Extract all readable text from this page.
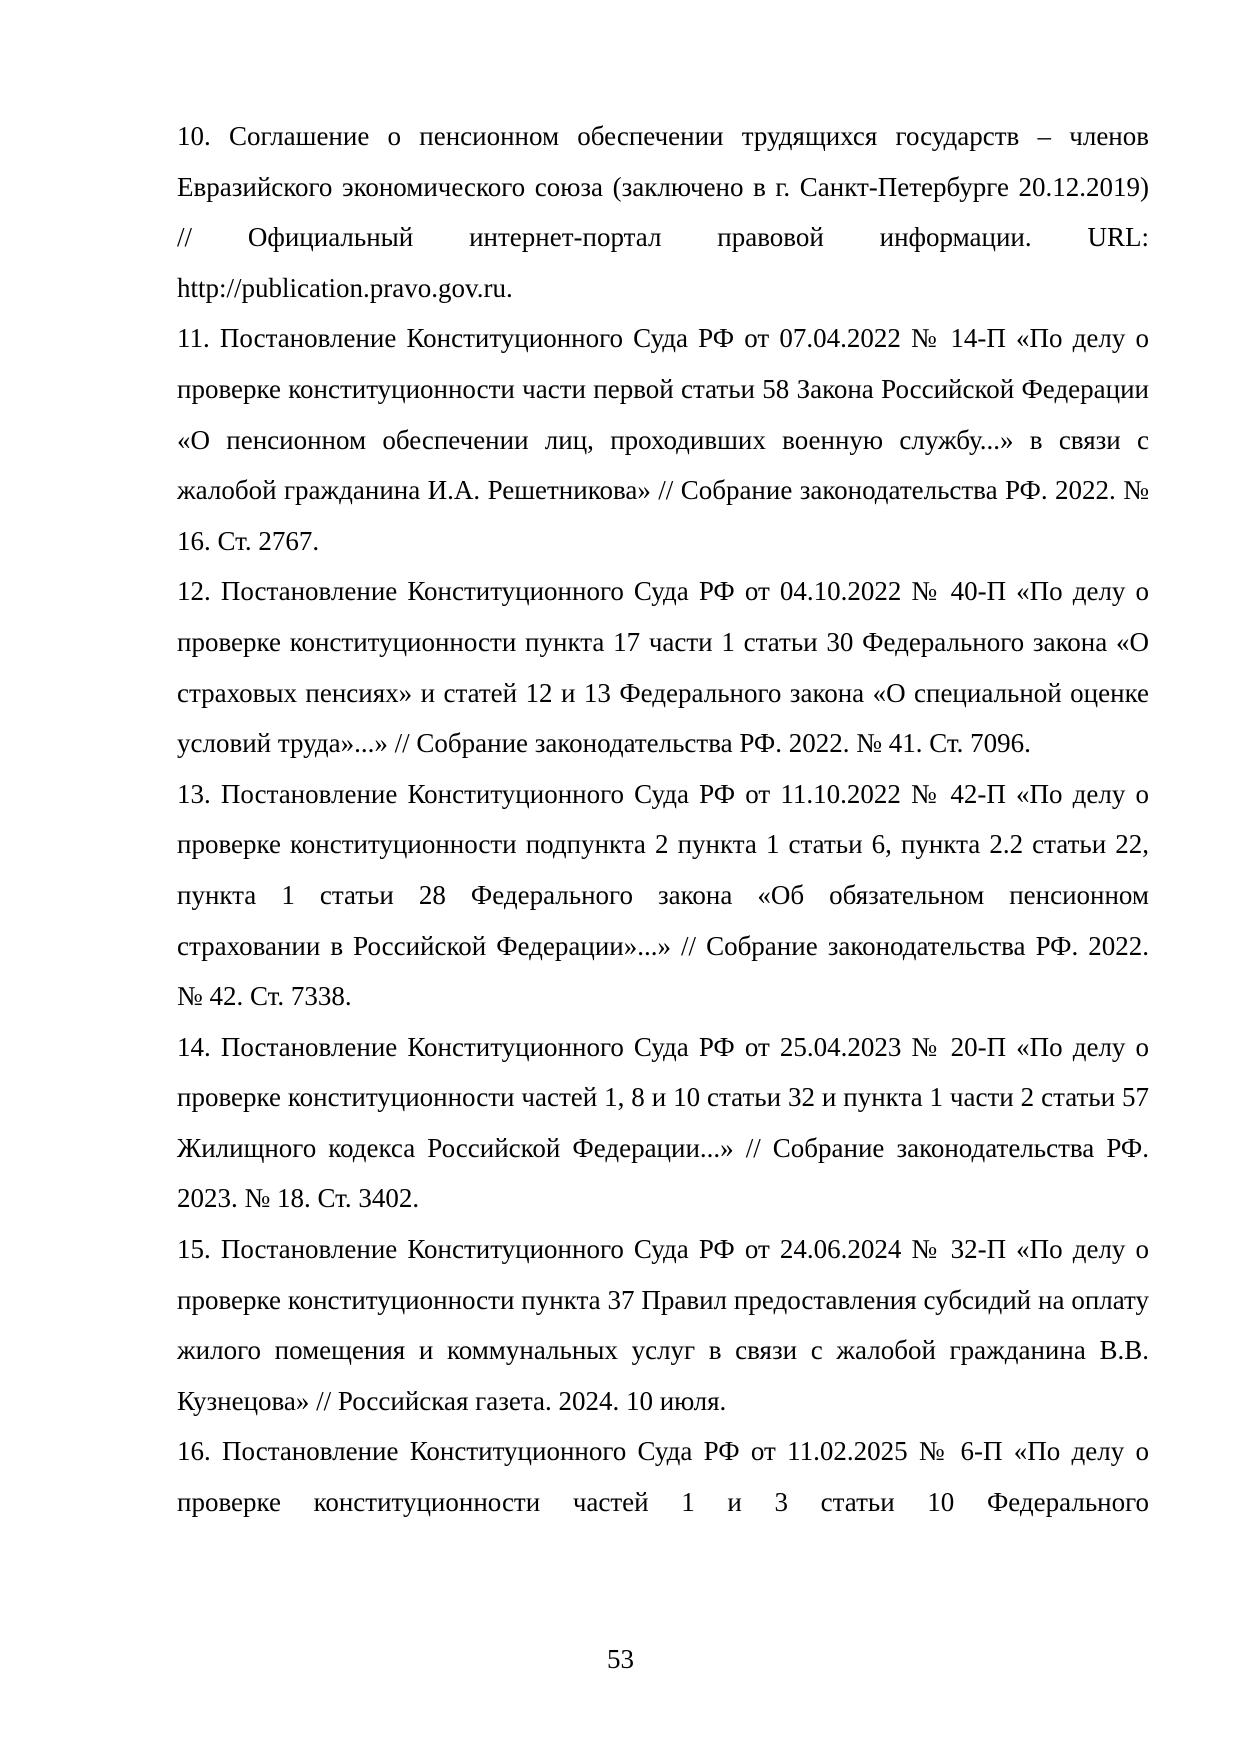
10. Соглашение о пенсионном обеспечении трудящихся государств – членов Евразийского экономического союза (заключено в г. Санкт-Петербурге 20.12.2019) // Официальный интернет-портал правовой информации. URL: http://publication.pravo.gov.ru.

11. Постановление Конституционного Суда РФ от 07.04.2022 № 14-П «По делу о проверке конституционности части первой статьи 58 Закона Российской Федерации «О пенсионном обеспечении лиц, проходивших военную службу...» в связи с жалобой гражданина И.А. Решетникова» // Собрание законодательства РФ. 2022. № 16. Ст. 2767.

12. Постановление Конституционного Суда РФ от 04.10.2022 № 40-П «По делу о проверке конституционности пункта 17 части 1 статьи 30 Федерального закона «О страховых пенсиях» и статей 12 и 13 Федерального закона «О специальной оценке условий труда»...» // Собрание законодательства РФ. 2022. № 41. Ст. 7096.

13. Постановление Конституционного Суда РФ от 11.10.2022 № 42-П «По делу о проверке конституционности подпункта 2 пункта 1 статьи 6, пункта 2.2 статьи 22, пункта 1 статьи 28 Федерального закона «Об обязательном пенсионном страховании в Российской Федерации»...» // Собрание законодательства РФ. 2022. № 42. Ст. 7338.

14. Постановление Конституционного Суда РФ от 25.04.2023 № 20-П «По делу о проверке конституционности частей 1, 8 и 10 статьи 32 и пункта 1 части 2 статьи 57 Жилищного кодекса Российской Федерации...» // Собрание законодательства РФ. 2023. № 18. Ст. 3402.

15. Постановление Конституционного Суда РФ от 24.06.2024 № 32-П «По делу о проверке конституционности пункта 37 Правил предоставления субсидий на оплату жилого помещения и коммунальных услуг в связи с жалобой гражданина В.В. Кузнецова» // Российская газета. 2024. 10 июля.

16. Постановление Конституционного Суда РФ от 11.02.2025 № 6-П «По делу о проверке конституционности частей 1 и 3 статьи 10 Федерального

53
